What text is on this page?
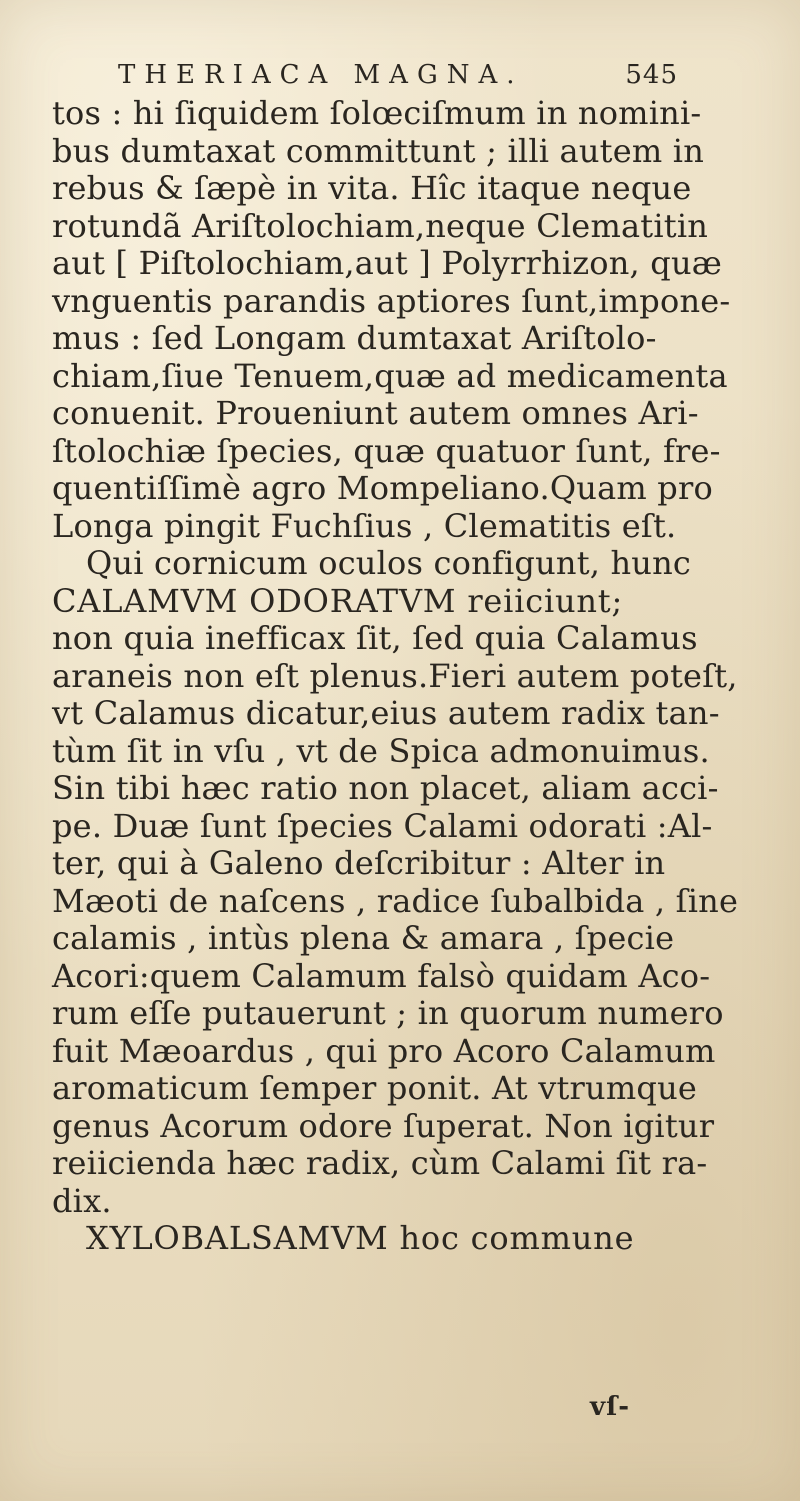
THERIACA MAGNA.	545
tos : hi ſiquidem ſolœciſmum in nomini-
bus dumtaxat committunt ; illi autem in
rebus & ſæpè in vita. Hîc itaque neque
rotundã Ariſtolochiam,neque Clematitin
aut [ Piſtolochiam,aut ] Polyrrhizon, quæ
vnguentis parandis aptiores ſunt,impone-
mus : ſed Longam dumtaxat Ariſtolo-
chiam,ſiue Tenuem,quæ ad medicamenta
conuenit. Proueniunt autem omnes Ari-
ſtolochiæ ſpecies, quæ quatuor ſunt, fre-
quentiſſimè agro Mompeliano.Quam pro
Longa pingit Fuchſius , Clematitis eſt.
Qui cornicum oculos configunt, hunc
CALAMVM ODORATVM reiiciunt;
non quia inefficax ſit, ſed quia Calamus
araneis non eſt plenus.Fieri autem poteſt,
vt Calamus dicatur,eius autem radix tan-
tùm ſit in vſu , vt de Spica admonuimus.
Sin tibi hæc ratio non placet, aliam acci-
pe. Duæ ſunt ſpecies Calami odorati :Al-
ter, qui à Galeno deſcribitur : Alter in
Mæoti de naſcens , radice ſubalbida , ſine
calamis , intùs plena & amara , ſpecie
Acori:quem Calamum falsò quidam Aco-
rum eſſe putauerunt ; in quorum numero
fuit Mæoardus , qui pro Acoro Calamum
aromaticum ſemper ponit. At vtrumque
genus Acorum odore ſuperat. Non igitur
reiicienda hæc radix, cùm Calami ſit ra-
dix.
XYLOBALSAMVM hoc commune
vſ-
